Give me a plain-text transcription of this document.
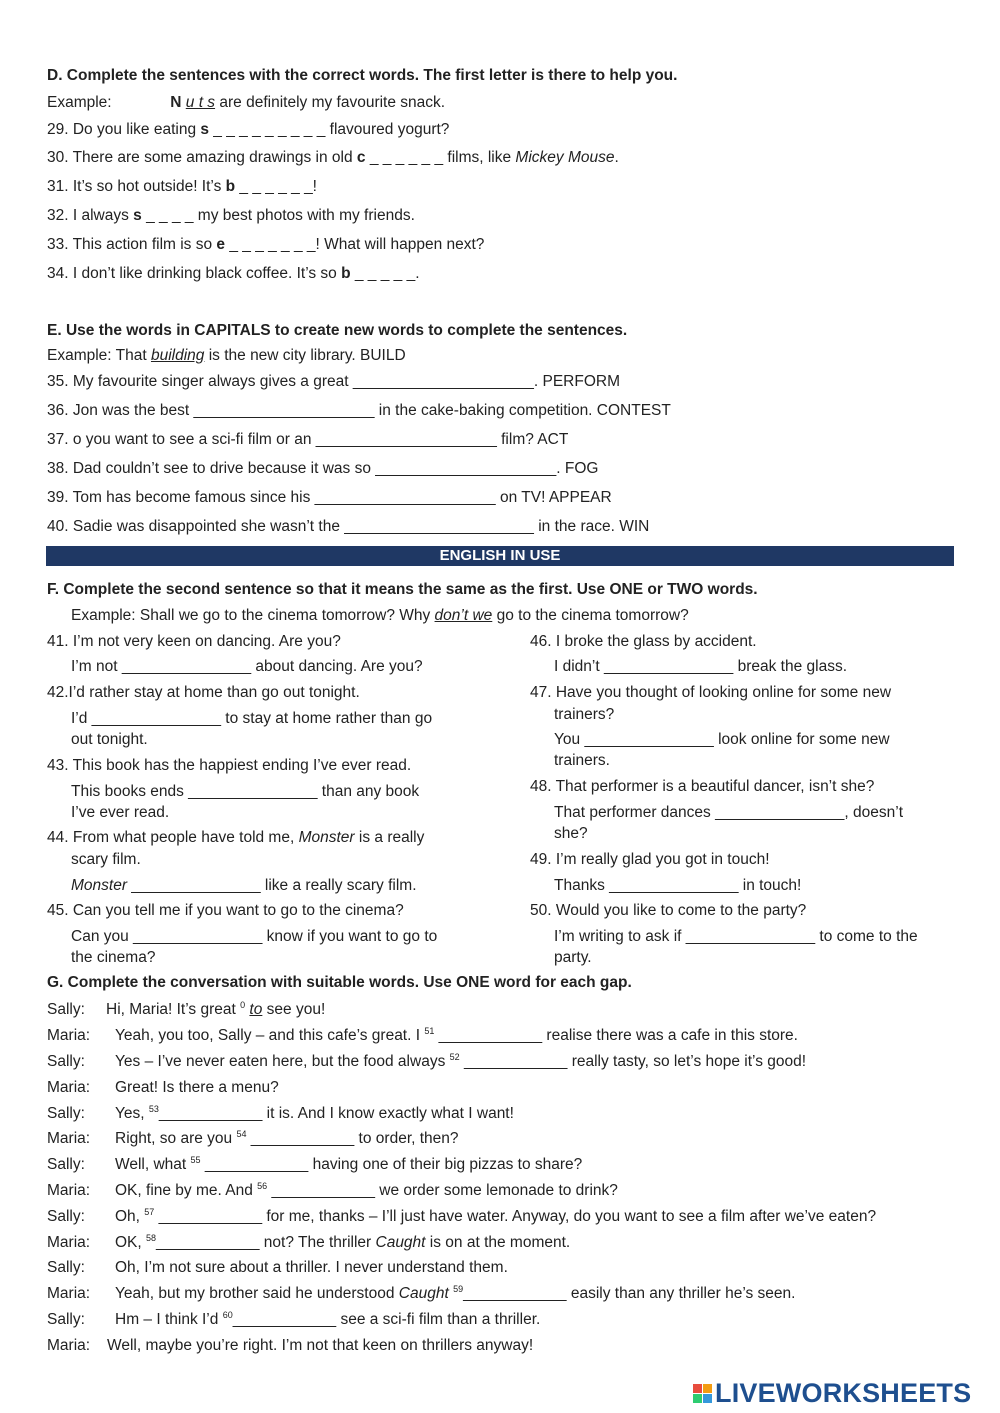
D. Complete the sentences with the correct words. The first letter is there to help you.
Example:	N u t s are definitely my favourite snack.
29. Do you like eating s _ _ _ _ _ _ _ _ _ flavoured yogurt?
30. There are some amazing drawings in old c _ _ _ _ _ _ films, like Mickey Mouse.
31. It’s so hot outside! It’s b _ _ _ _ _ _!
32. I always s _ _ _ _ my best photos with my friends.
33. This action film is so e _ _ _ _ _ _ _! What will happen next?
34. I don’t like drinking black coffee. It’s so b _ _ _ _ _.
E. Use the words in CAPITALS to create new words to complete the sentences.
Example: That building is the new city library. BUILD
35. My favourite singer always gives a great _____________________. PERFORM
36. Jon was the best _____________________ in the cake-baking competition. CONTEST
37. o you want to see a sci-fi film or an _____________________ film? ACT
38. Dad couldn’t see to drive because it was so _____________________. FOG
39. Tom has become famous since his _____________________ on TV! APPEAR
40. Sadie was disappointed she wasn’t the ______________________ in the race. WIN
ENGLISH IN USE
F. Complete the second sentence so that it means the same as the first. Use ONE or TWO words.
Example: Shall we go to the cinema tomorrow? Why don’t we go to the cinema tomorrow?
41. I’m not very keen on dancing. Are you?
I’m not _______________ about dancing. Are you?
42.I’d rather stay at home than go out tonight.
I’d _______________ to stay at home rather than go
out tonight.
43. This book has the happiest ending I’ve ever read.
This books ends _______________ than any book
I’ve ever read.
44. From what people have told me, Monster is a really
scary film.
Monster _______________ like a really scary film.
45. Can you tell me if you want to go to the cinema?
Can you _______________ know if you want to go to
the cinema?
46. I broke the glass by accident.
I didn’t _______________ break the glass.
47. Have you thought of looking online for some new
trainers?
You _______________ look online for some new
trainers.
48. That performer is a beautiful dancer, isn’t she?
That performer dances _______________, doesn’t
she?
49. I’m really glad you got in touch!
Thanks _______________ in touch!
50. Would you like to come to the party?
I’m writing to ask if _______________ to come to the
party.
G. Complete the conversation with suitable words. Use ONE word for each gap.
Sally: Hi, Maria! It’s great $^0$ to see you!
Maria: Yeah, you too, Sally – and this cafe’s great. I $^{51}$ ____________ realise there was a cafe in this store.
Sally: Yes – I’ve never eaten here, but the food always $^{52}$ ____________ really tasty, so let’s hope it’s good!
Maria: Great! Is there a menu?
Sally: Yes, $^{53}$____________ it is. And I know exactly what I want!
Maria: Right, so are you $^{54}$ ____________ to order, then?
Sally: Well, what $^{55}$ ____________ having one of their big pizzas to share?
Maria: OK, fine by me. And $^{56}$ ____________ we order some lemonade to drink?
Sally: Oh, $^{57}$ ____________ for me, thanks – I’ll just have water. Anyway, do you want to see a film after we’ve eaten?
Maria: OK, $^{58}$____________ not? The thriller Caught is on at the moment.
Sally: Oh, I’m not sure about a thriller. I never understand them.
Maria: Yeah, but my brother said he understood Caught $^{59}$____________ easily than any thriller he’s seen.
Sally: Hm – I think I’d $^{60}$____________ see a sci-fi film than a thriller.
Maria: Well, maybe you’re right. I’m not that keen on thrillers anyway!
LIVEWORKSHEETS
